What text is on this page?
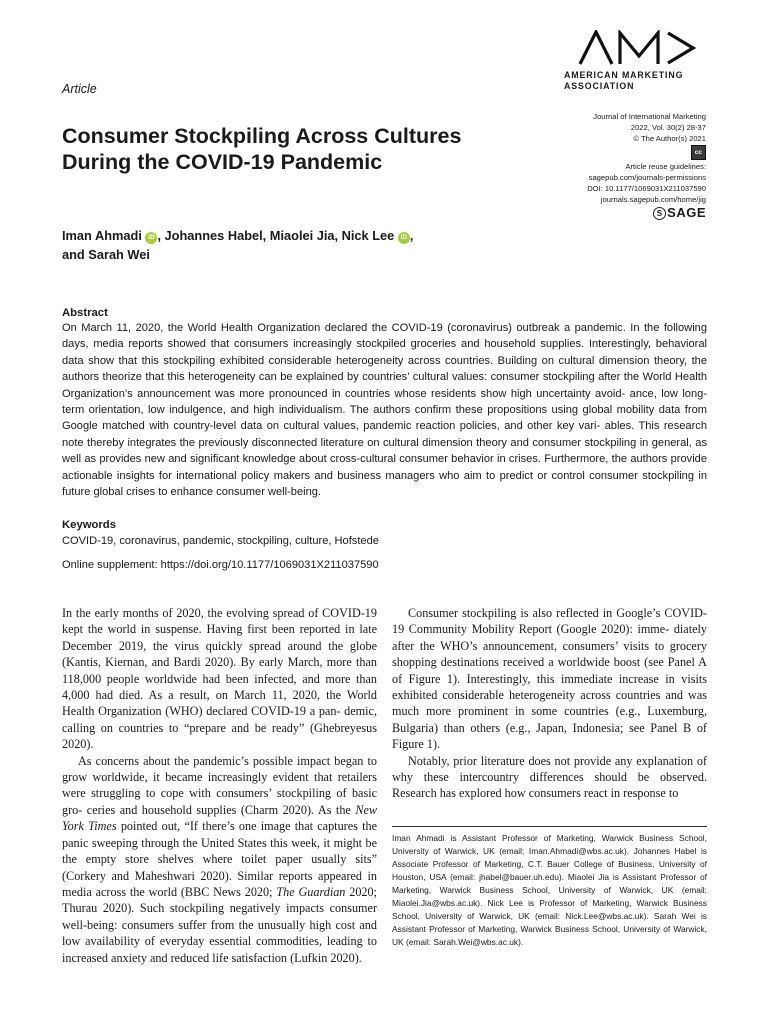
Article
AMERICAN MARKETING
ASSOCIATION
Journal of International Marketing
2022, Vol. 30(2) 28-37
© The Author(s) 2021
cc
Article reuse guidelines:
sagepub.com/journals-permissions
DOI: 10.1177/1069031X211037590
journals.sagepub.com/home/jig
S SAGE
Consumer Stockpiling Across Cultures During the COVID-19 Pandemic
Iman Ahmadi iD , Johannes Habel, Miaolei Jia, Nick Lee iD ,
and Sarah Wei
Abstract
On March 11, 2020, the World Health Organization declared the COVID-19 (coronavirus) outbreak a pandemic. In the following days, media reports showed that consumers increasingly stockpiled groceries and household supplies. Interestingly, behavioral data show that this stockpiling exhibited considerable heterogeneity across countries. Building on cultural dimension theory, the authors theorize that this heterogeneity can be explained by countries’ cultural values: consumer stockpiling after the World Health Organization’s announcement was more pronounced in countries whose residents show high uncertainty avoid- ance, low long-term orientation, low indulgence, and high individualism. The authors confirm these propositions using global mobility data from Google matched with country-level data on cultural values, pandemic reaction policies, and other key vari- ables. This research note thereby integrates the previously disconnected literature on cultural dimension theory and consumer stockpiling in general, as well as provides new and significant knowledge about cross-cultural consumer behavior in crises. Furthermore, the authors provide actionable insights for international policy makers and business managers who aim to predict or control consumer stockpiling in future global crises to enhance consumer well-being.
Keywords
COVID-19, coronavirus, pandemic, stockpiling, culture, Hofstede
Online supplement: https://doi.org/10.1177/1069031X211037590

In the early months of 2020, the evolving spread of COVID-19 kept the world in suspense. Having first been reported in late December 2019, the virus quickly spread around the globe (Kantis, Kiernan, and Bardi 2020). By early March, more than 118,000 people worldwide had been infected, and more than 4,000 had died. As a result, on March 11, 2020, the World Health Organization (WHO) declared COVID-19 a pan- demic, calling on countries to “prepare and be ready” (Ghebreyesus 2020).

As concerns about the pandemic’s possible impact began to grow worldwide, it became increasingly evident that retailers were struggling to cope with consumers’ stockpiling of basic gro- ceries and household supplies (Charm 2020). As the New York Times pointed out, “If there’s one image that captures the panic sweeping through the United States this week, it might be the empty store shelves where toilet paper usually sits” (Corkery and Maheshwari 2020). Similar reports appeared in media across the world (BBC News 2020; The Guardian 2020; Thurau 2020). Such stockpiling negatively impacts consumer well-being: consumers suffer from the unusually high cost and low availability of everyday essential commodities, leading to increased anxiety and reduced life satisfaction (Lufkin 2020).

Consumer stockpiling is also reflected in Google’s COVID-19 Community Mobility Report (Google 2020): imme- diately after the WHO’s announcement, consumers’ visits to grocery shopping destinations received a worldwide boost (see Panel A of Figure 1). Interestingly, this immediate increase in visits exhibited considerable heterogeneity across countries and was much more prominent in some countries (e.g., Luxemburg, Bulgaria) than others (e.g., Japan, Indonesia; see Panel B of Figure 1).

Notably, prior literature does not provide any explanation of why these intercountry differences should be observed. Research has explored how consumers react in response to

Iman Ahmadi is Assistant Professor of Marketing, Warwick Business School, University of Warwick, UK (email: Iman.Ahmadi@wbs.ac.uk). Johannes Habel is Associate Professor of Marketing, C.T. Bauer College of Business, University of Houston, USA (email: jhabel@bauer.uh.edu). Miaolei Jia is Assistant Professor of Marketing, Warwick Business School, University of Warwick, UK (email: Miaolei.Jia@wbs.ac.uk). Nick Lee is Professor of Marketing, Warwick Business School, University of Warwick, UK (email: Nick.Lee@wbs.ac.uk). Sarah Wei is Assistant Professor of Marketing, Warwick Business School, University of Warwick, UK (email: Sarah.Wei@wbs.ac.uk).
